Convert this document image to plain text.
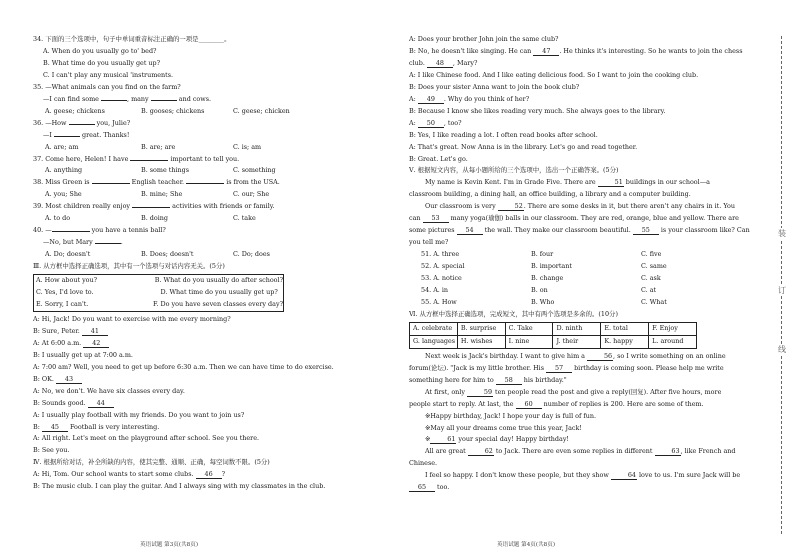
34. 下面的三个选项中，句子中单词重音标注正确的一项是________。
A. When do you usually go to' bed?
B. What time do you usually get up?
C. I can't play any musical 'instruments.
35. —What animals can you find on the farm?
—I can find some	, many	and cows.
A. geese; chickens	B. gooses; chickens	C. geese; chicken
36. —How	you, Julie?
—I	great. Thanks!
A. are; am	B. are; are	C. is; am
37. Come here, Helen! I have	important to tell you.
A. anything	B. some things	C. something
38. Miss Green is	English teacher.	is from the USA.
A. you; She	B. mine; She	C. our; She
39. Most children really enjoy	activities with friends or family.
A. to do	B. doing	C. take
40. —	you have a tennis ball?
—No, but Mary	.
A. Do; doesn't	B. Does; doesn't	C. Do; does
Ⅲ. 从方框中选择正确选项，其中有一个选项与对话内容无关。(5分)
A. How about you?	B. What do you usually do after school?
C. Yes, I'd love to.	D. What time do you usually get up?
E. Sorry, I can't.	F. Do you have seven classes every day?
A: Hi, Jack! Do you want to exercise with me every morning?
B: Sure, Peter. 41
A: At 6:00 a.m. 42
B: I usually get up at 7:00 a.m.
A: 7:00 am? Well, you need to get up before 6:30 a.m. Then we can have time to do exercise.
B: OK. 43
A: No, we don't. We have six classes every day.
B: Sounds good. 44
A: I usually play football with my friends. Do you want to join us?
B: 45 Football is very interesting.
A: All right. Let's meet on the playground after school. See you there.
B: See you.
Ⅳ. 根据所给对话，补全所缺的内容，使其完整、通顺、正确，每空词数不限。(5分)
A: Hi, Tom. Our school wants to start some clubs. 46 ?
B: The music club. I can play the guitar. And I always sing with my classmates in the club.
英语试题 第3页(共8页)
A: Does your brother John join the same club?
B: No, he doesn't like singing. He can 47 . He thinks it's interesting. So he wants to join the chess
club. 48 , Mary?
A: I like Chinese food. And I like eating delicious food. So I want to join the cooking club.
B: Does your sister Anna want to join the book club?
A: 49 . Why do you think of her?
B: Because I know she likes reading very much. She always goes to the library.
A: 50 , too?
B: Yes, I like reading a lot. I often read books after school.
A: That's great. Now Anna is in the library. Let's go and read together.
B: Great. Let's go.
Ⅴ. 根据短文内容，从每小题所给的三个选项中，选出一个正确答案。(5分)
My name is Kevin Kent. I'm in Grade Five. There are	51 buildings in our school—a
classroom building, a dining hall, an office building, a library and a computer building.
Our classroom is very	52. There are some desks in it, but there aren't any chairs in it. You
can 53 many yoga(瑜伽) balls in our classroom. They are red, orange, blue and yellow. There are
some pictures 54 the wall. They make our classroom beautiful. 55 is your classroom like? Can
you tell me?
51. A. three	B. four	C. five
52. A. special	B. important	C. same
53. A. notice	B. change	C. ask
54. A. in	B. on	C. at
55. A. How	B. Who	C. What
Ⅵ. 从方框中选择正确选项，完成短文，其中有两个选项是多余的。(10分)
A. celebrate	B. surprise	C. Take	D. ninth	E. total	F. Enjoy
G. languages H. wishes	I. nine	J. their	K. happy	L. around
Next week is Jack's birthday. I want to give him a	56, so I write something on an online
forum(论坛). "Jack is my little brother. His 57 birthday is coming soon. Please help me write
something here for him to 58 his birthday."
At first, only	59 ten people read the post and give a reply(回复). After five hours, more
people start to reply. At last, the 60 number of replies is 200. Here are some of them.
※Happy birthday, Jack! I hope your day is full of fun.
※May all your dreams come true this year, Jack!
※	61 your special day! Happy birthday!
All are great	62 to Jack. There are even some replies in different	63, like French and
Chinese.
I feel so happy. I don't know these people, but they show	64 love to us. I'm sure Jack will be
65 too.
英语试题 第4页(共8页)
装
订
线
